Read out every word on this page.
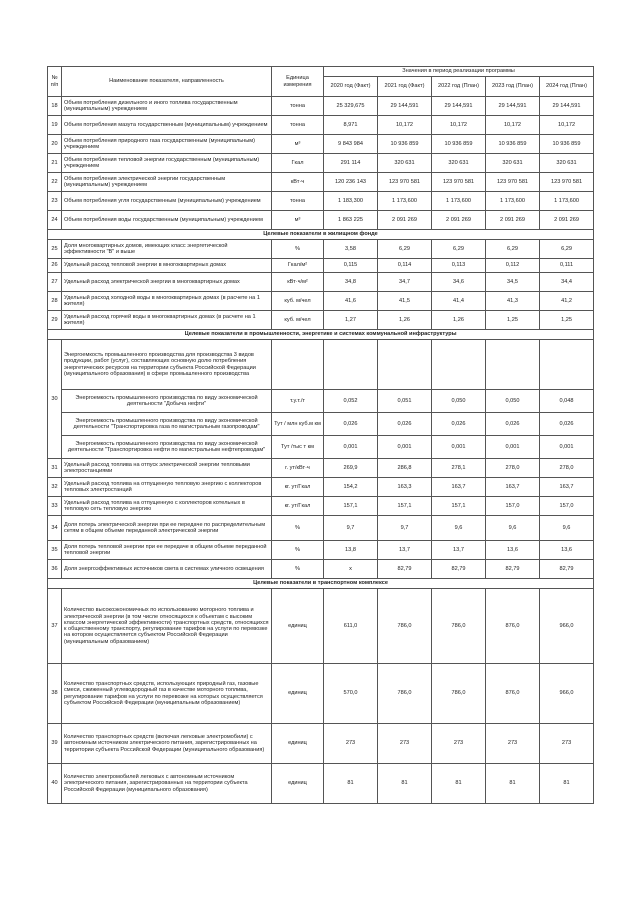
№ п/п	Наименование показателя, направленность	Единица измерения	Значения в период реализации программы				
			2020 год (Факт)	2021 год (Факт)	2022 год (План)	2023 год (План)	2024 год (План)
18	Объем потребления дизельного и иного топлива государственным (муниципальным) учреждением	тонна	25 329,675	29 144,591	29 144,591	29 144,591	29 144,591
19	Объем потребления мазута государственным (муниципальным) учреждением	тонна	8,971	10,172	10,172	10,172	10,172
20	Объем потребления природного газа государственным (муниципальным) учреждением	м³	9 843 984	10 936 859	10 936 859	10 936 859	10 936 859
21	Объем потребления тепловой энергии государственным (муниципальным) учреждением	Гкал	291 114	320 631	320 631	320 631	320 631
22	Объем потребления электрической энергии государственным (муниципальным) учреждением	кВт·ч	120 236 143	123 970 581	123 970 581	123 970 581	123 970 581
23	Объем потребления угля государственным (муниципальным) учреждением	тонна	1 183,300	1 173,600	1 173,600	1 173,600	1 173,600
24	Объем потребления воды государственным (муниципальным) учреждением	м³	1 863 225	2 091 269	2 091 269	2 091 269	2 091 269
Целевые показатели в жилищном фонде							
25	Доля многоквартирных домов, имеющих класс энергетической эффективности "B" и выше	%	3,58	6,29	6,29	6,29	6,29
26	Удельный расход тепловой энергии в многоквартирных домах	Гкал/м²	0,115	0,114	0,113	0,112	0,111
27	Удельный расход электрической энергии в многоквартирных домах	кВт·ч/м²	34,8	34,7	34,6	34,5	34,4
28	Удельный расход холодной воды в многоквартирных домах (в расчете на 1 жителя)	куб. м/чел	41,6	41,5	41,4	41,3	41,2
29	Удельный расход горячей воды в многоквартирных домах (в расчете на 1 жителя)	куб. м/чел	1,27	1,26	1,26	1,25	1,25
Целевые показатели в промышленности, энергетике и системах коммунальной инфраструктуры							
30	Энергоемкость промышленного производства для производства 3 видов продукции, работ (услуг), составляющих основную долю потребления энергетических ресурсов на территории субъекта Российской Федерации (муниципального образования) в сфере промышленного производства						
	Энергоемкость промышленного производства по виду экономической деятельности "Добыча нефти"	т.у.т./т	0,052	0,051	0,050	0,050	0,048
	Энергоемкость промышленного производства по виду экономической деятельности "Транспортировка газа по магистральным газопроводам"	Тут / млн куб.м км	0,026	0,026	0,026	0,026	0,026
	Энергоемкость промышленного производства по виду экономической деятельности "Транспортировка нефти по магистральным нефтепроводам"	Тут /тыс т км	0,001	0,001	0,001	0,001	0,001
31	Удельный расход топлива на отпуск электрической энергии тепловыми электростанциями	г. ут/кВт·ч	269,9	286,8	278,1	278,0	278,0
32	Удельный расход топлива на отпущенную тепловую энергию с коллекторов тепловых электростанций	кг. ут/Гкал	154,2	163,3	163,7	163,7	163,7
33	Удельный расход топлива на отпущенную с коллекторов котельных в тепловую сеть тепловую энергию	кг. ут/Гкал	157,1	157,1	157,1	157,0	157,0
34	Доля потерь электрической энергии при ее передаче по распределительным сетям в общем объеме переданной электрической энергии	%	9,7	9,7	9,6	9,6	9,6
35	Доля потерь тепловой энергии при ее передаче в общем объеме переданной тепловой энергии	%	13,8	13,7	13,7	13,6	13,6
36	Доля энергоэффективных источников света в системах уличного освещения	%	x	82,79	82,79	82,79	82,79
Целевые показатели в транспортном комплексе							
37	Количество высокоэкономичных по использованию моторного топлива и электрической энергии (в том числе относящихся к объектам с высоким классом энергетической эффективности) транспортных средств, относящихся к общественному транспорту, регулирование тарифов на услуги по перевозке на котором осуществляется субъектом Российской Федерации (муниципальным образованием)	единиц	611,0	786,0	786,0	876,0	966,0
38	Количество транспортных средств, использующих природный газ, газовые смеси, сжиженный углеводородный газ в качестве моторного топлива, регулирование тарифов на услуги по перевозке на которых осуществляется субъектом Российской Федерации (муниципальным образованием)	единиц	570,0	786,0	786,0	876,0	966,0
39	Количество транспортных средств (включая легковые электромобили) с автономным источником электрического питания, зарегистрированных на территории субъекта Российской Федерации (муниципального образования)	единиц	273	273	273	273	273
40	Количество электромобилей легковых с автономным источником электрического питания, зарегистрированных на территории субъекта Российской Федерации (муниципального образования)	единиц	81	81	81	81	81
